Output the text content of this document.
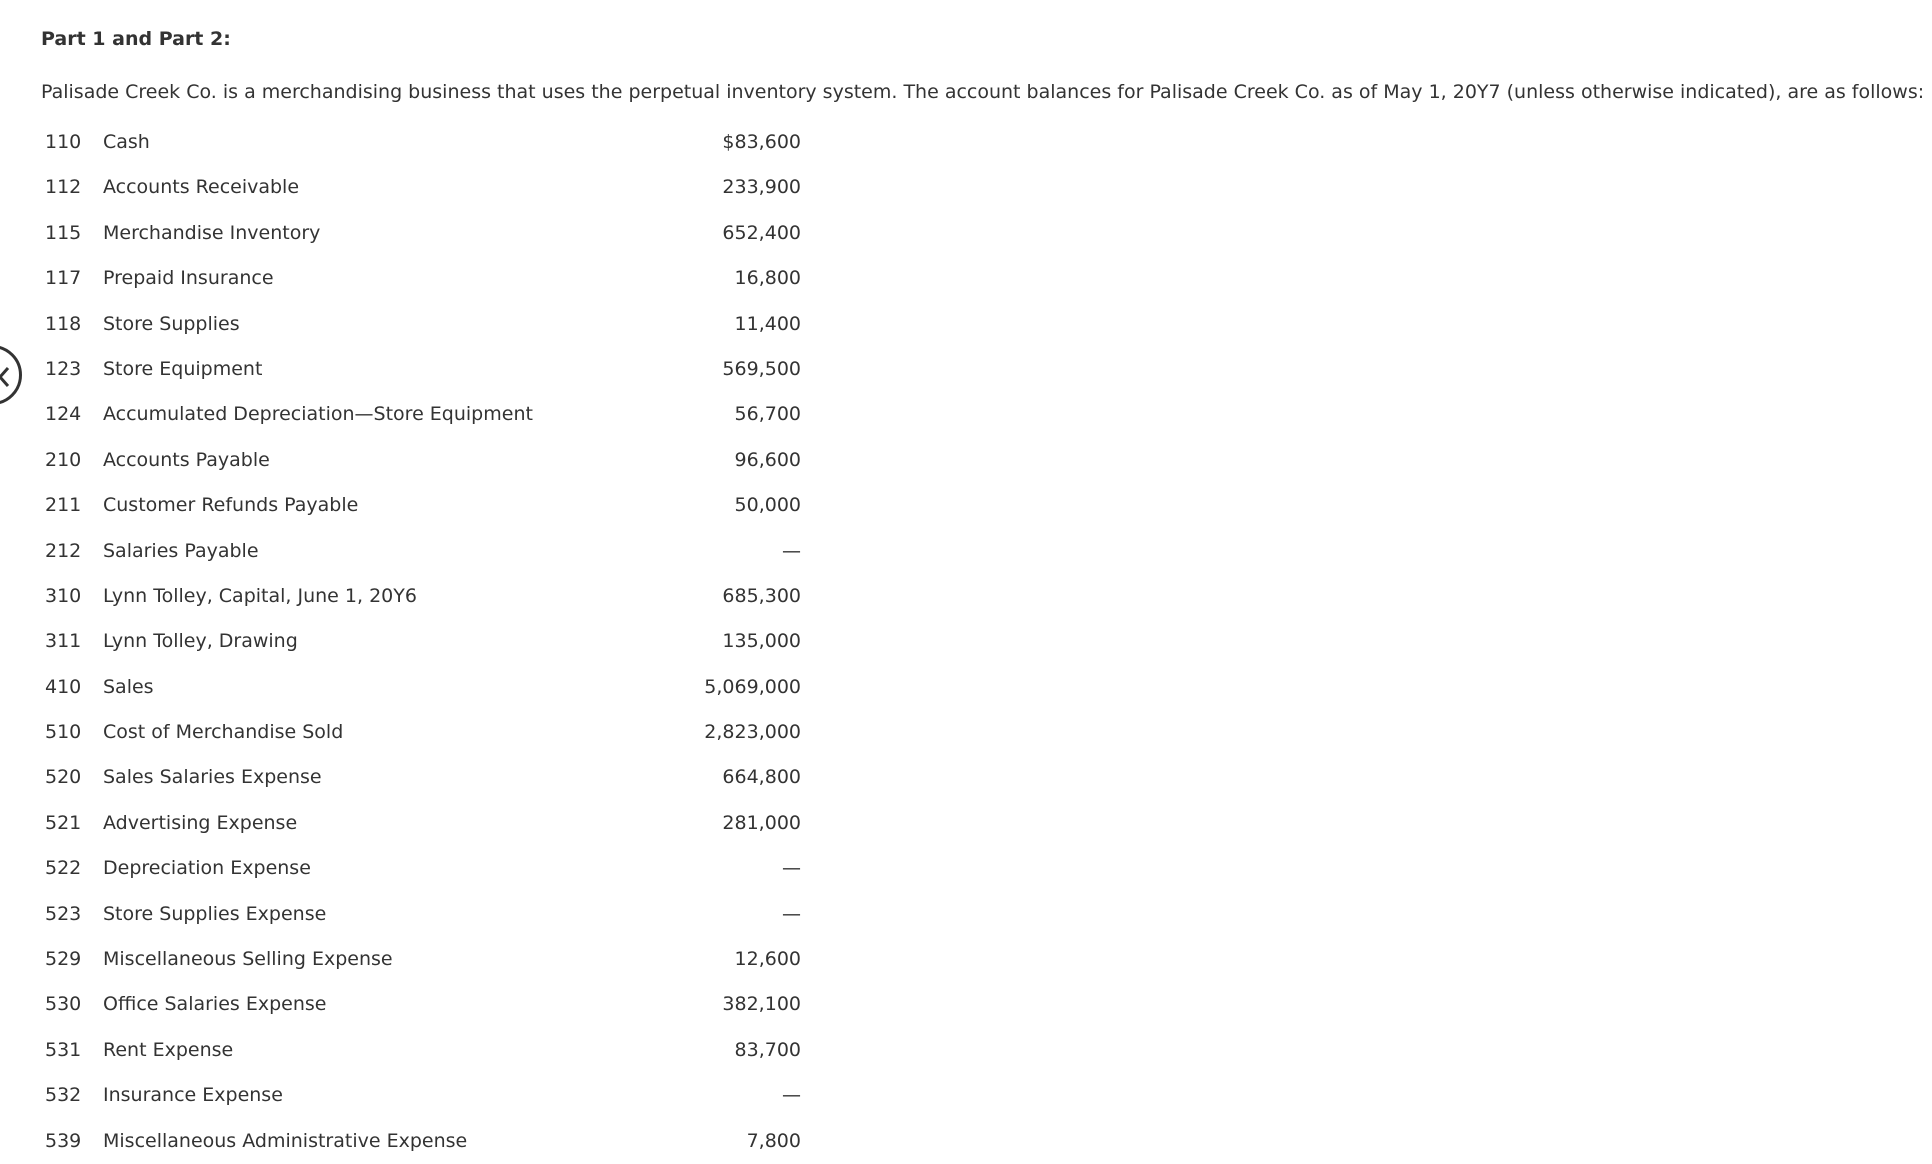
Part 1 and Part 2:
Palisade Creek Co. is a merchandising business that uses the perpetual inventory system. The account balances for Palisade Creek Co. as of May 1, 20Y7 (unless otherwise indicated), are as follows:
110 Cash	$83,600
112 Accounts Receivable	233,900
115 Merchandise Inventory	652,400
117 Prepaid Insurance	16,800
118 Store Supplies	11,400
123 Store Equipment	569,500
124 Accumulated Depreciation—Store Equipment	56,700
210 Accounts Payable	96,600
211 Customer Refunds Payable	50,000
212 Salaries Payable	—
310 Lynn Tolley, Capital, June 1, 20Y6	685,300
311 Lynn Tolley, Drawing	135,000
410 Sales	5,069,000
510 Cost of Merchandise Sold	2,823,000
520 Sales Salaries Expense	664,800
521 Advertising Expense	281,000
522 Depreciation Expense	—
523 Store Supplies Expense	—
529 Miscellaneous Selling Expense	12,600
530 Office Salaries Expense	382,100
531 Rent Expense	83,700
532 Insurance Expense	—
539 Miscellaneous Administrative Expense	7,800
